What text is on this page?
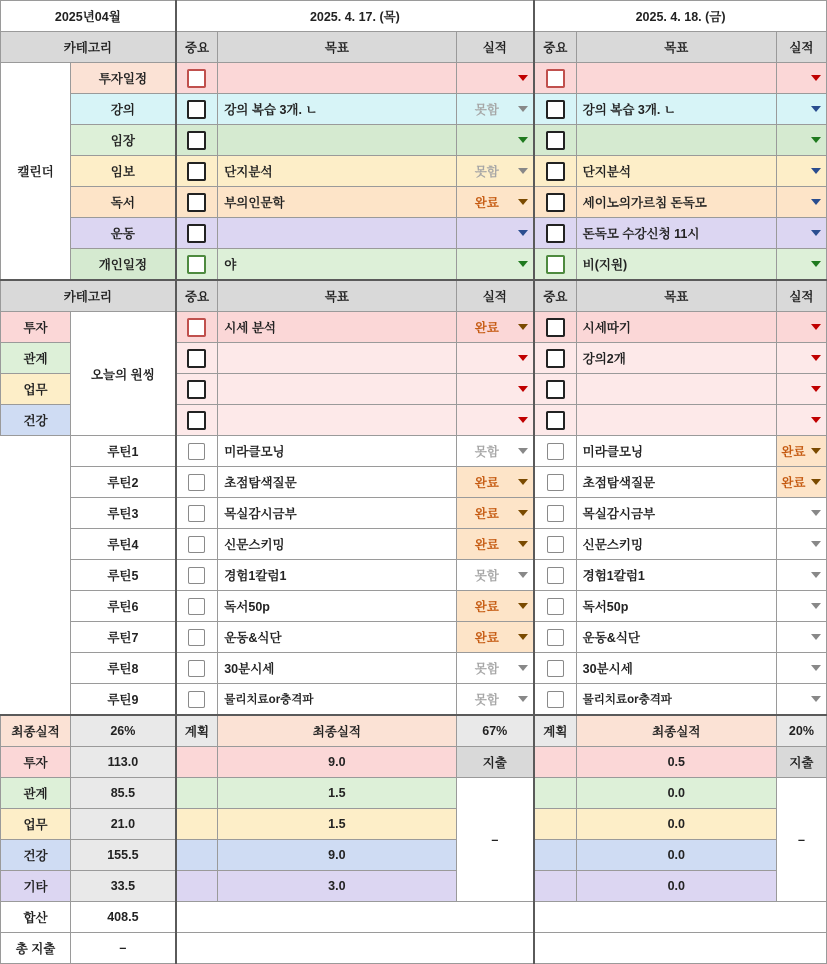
2025년04월		2025. 4. 17. (목)			2025. 4. 18. (금)		
카테고리		중요	목표	실적	중요	목표	실적
캘린더	투자일정			

	강의		강의 복습 3개. ㄴ	못함		강의 복습 3개. ㄴ	

	임장			

	임보		단지분석	못함		단지분석	

	독서		부의인문학	완료		세이노의가르침 돈독모	

	운동					돈독모 수강신청 11시	

	개인일정		야			비(지원)	

카테고리		중요	목표	실적	중요	목표	실적
투자	오늘의 원씽		시세 분석	완료		시세따기	

관계						강의2개	

업무				

건강				

	루틴1		미라클모닝	못함		미라클모닝	완료

	루틴2		초점탐색질문	완료		초점탐색질문	완료

	루틴3		목실감시금부	완료		목실감시금부	

	루틴4		신문스키밍	완료		신문스키밍	

	루틴5		경험1칼럼1	못함		경험1칼럼1	

	루틴6		독서50p	완료		독서50p	

	루틴7		운동&식단	완료		운동&식단	

	루틴8		30분시세	못함		30분시세	

	루틴9		물리치료or충격파	못함		물리치료or충격파	

최종실적	26%	계획	최종실적	67%	계획	최종실적	20%
투자	113.0		9.0	지출		0.5	지출
관계	85.5		1.5	–		0.0	–
업무	21.0		1.5			0.0	
건강	155.5		9.0			0.0	
기타	33.5		3.0			0.0	
합산	408.5						
총 지출	–						
